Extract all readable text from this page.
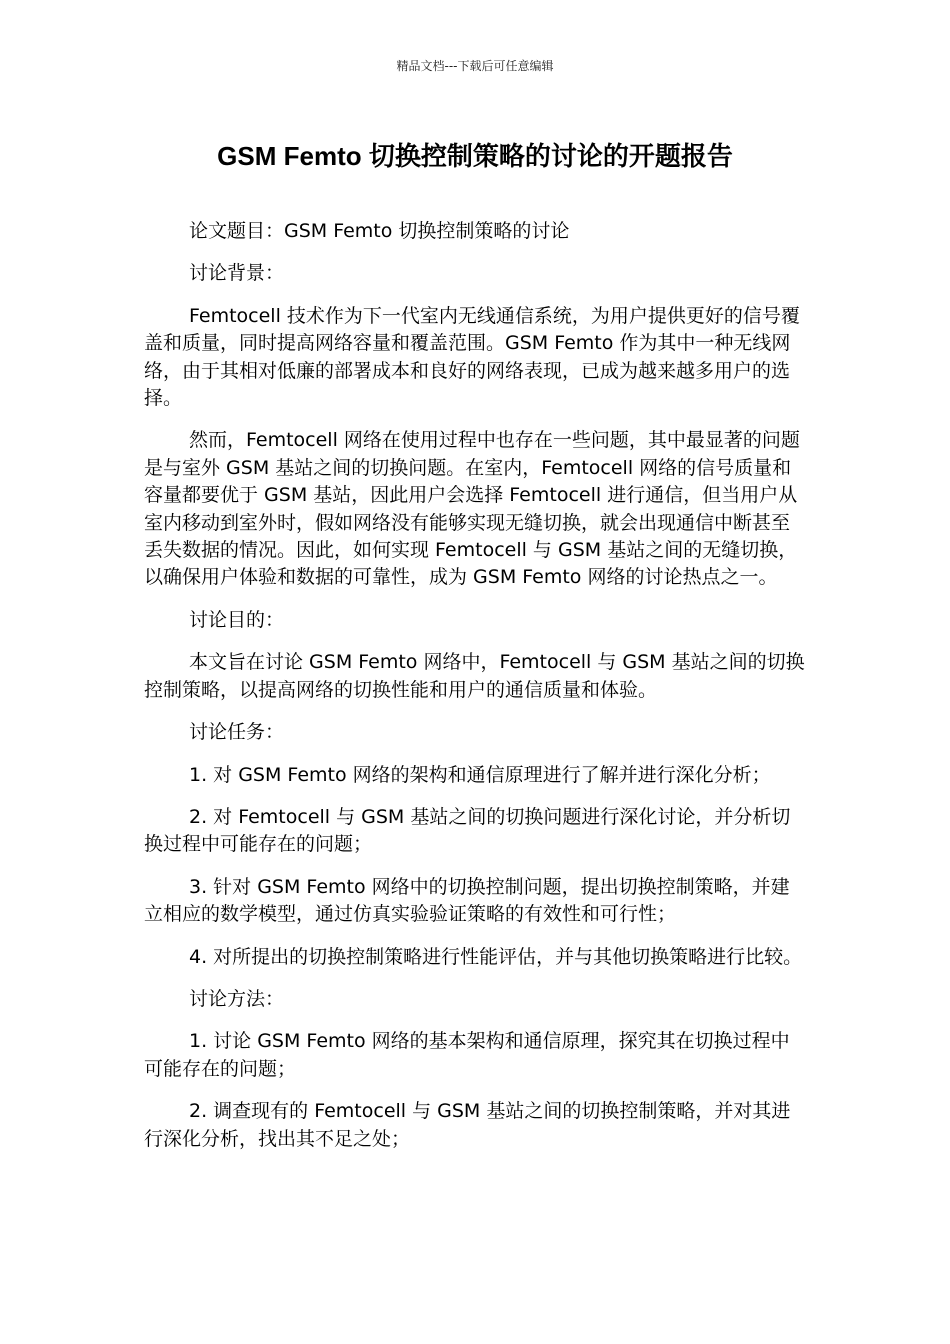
精品文档---下载后可任意编辑
GSM Femto 切换控制策略的讨论的开题报告

论文题目：GSM Femto 切换控制策略的讨论

讨论背景：

Femtocell 技术作为下一代室内无线通信系统，为用户提供更好的信号覆盖和质量，同时提高网络容量和覆盖范围。GSM Femto 作为其中一种无线网络，由于其相对低廉的部署成本和良好的网络表现，已成为越来越多用户的选择。

然而，Femtocell 网络在使用过程中也存在一些问题，其中最显著的问题是与室外 GSM 基站之间的切换问题。在室内，Femtocell 网络的信号质量和容量都要优于 GSM 基站，因此用户会选择 Femtocell 进行通信，但当用户从室内移动到室外时，假如网络没有能够实现无缝切换，就会出现通信中断甚至丢失数据的情况。因此，如何实现 Femtocell 与 GSM 基站之间的无缝切换，以确保用户体验和数据的可靠性，成为 GSM Femto 网络的讨论热点之一。

讨论目的：

本文旨在讨论 GSM Femto 网络中，Femtocell 与 GSM 基站之间的切换控制策略，以提高网络的切换性能和用户的通信质量和体验。

讨论任务：

1. 对 GSM Femto 网络的架构和通信原理进行了解并进行深化分析；

2. 对 Femtocell 与 GSM 基站之间的切换问题进行深化讨论，并分析切换过程中可能存在的问题；

3. 针对 GSM Femto 网络中的切换控制问题，提出切换控制策略，并建立相应的数学模型，通过仿真实验验证策略的有效性和可行性；

4. 对所提出的切换控制策略进行性能评估，并与其他切换策略进行比较。

讨论方法：

1. 讨论 GSM Femto 网络的基本架构和通信原理，探究其在切换过程中可能存在的问题；

2. 调查现有的 Femtocell 与 GSM 基站之间的切换控制策略，并对其进行深化分析，找出其不足之处；
